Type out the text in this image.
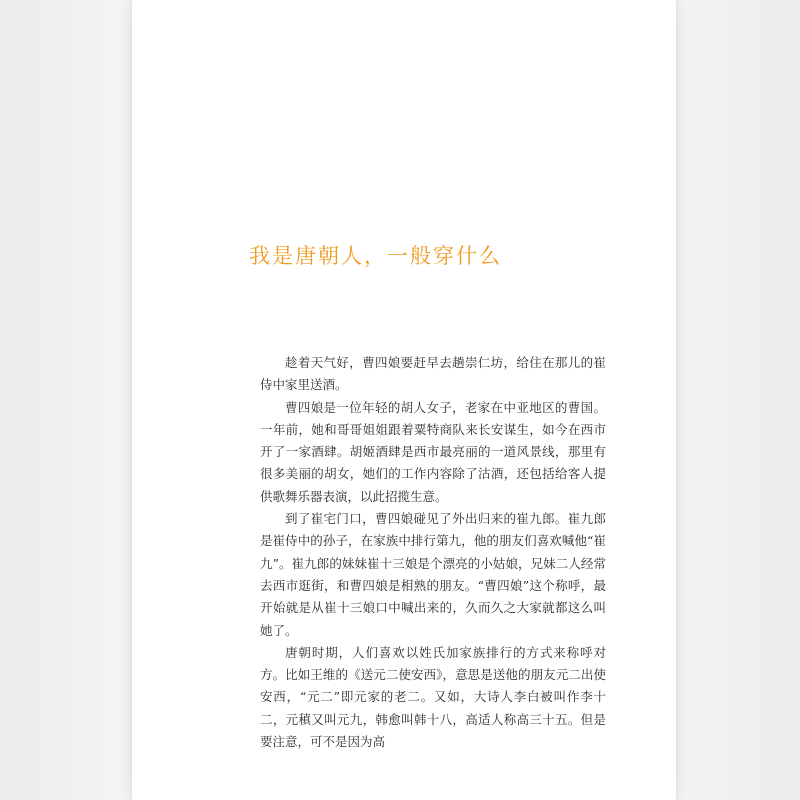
我是唐朝人，一般穿什么

趁着天气好，曹四娘要赶早去趟崇仁坊，给住在那儿的崔侍中家里送酒。

曹四娘是一位年轻的胡人女子，老家在中亚地区的曹国。一年前，她和哥哥姐姐跟着粟特商队来长安谋生，如今在西市开了一家酒肆。胡姬酒肆是西市最亮丽的一道风景线，那里有很多美丽的胡女，她们的工作内容除了沽酒，还包括给客人提供歌舞乐器表演，以此招揽生意。

到了崔宅门口，曹四娘碰见了外出归来的崔九郎。崔九郎是崔侍中的孙子，在家族中排行第九，他的朋友们喜欢喊他“崔九”。崔九郎的妹妹崔十三娘是个漂亮的小姑娘，兄妹二人经常去西市逛街，和曹四娘是相熟的朋友。“曹四娘”这个称呼，最开始就是从崔十三娘口中喊出来的，久而久之大家就都这么叫她了。

唐朝时期，人们喜欢以姓氏加家族排行的方式来称呼对方。比如王维的《送元二使安西》，意思是送他的朋友元二出使安西，“元二”即元家的老二。又如，大诗人李白被叫作李十二，元稹又叫元九，韩愈叫韩十八，高适人称高三十五。但是要注意，可不是因为高
